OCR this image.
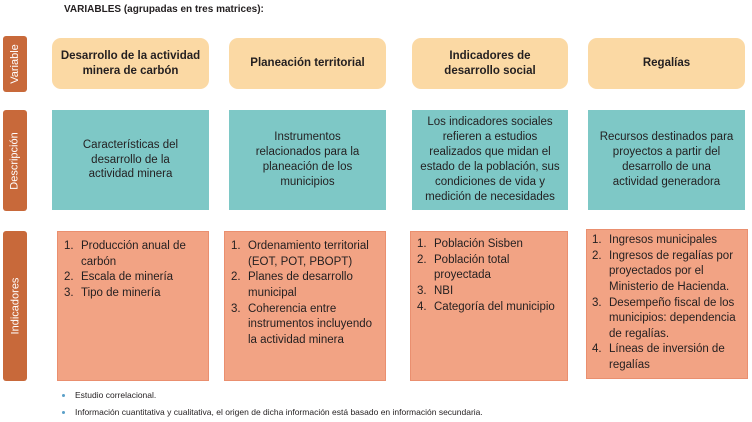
VARIABLES (agrupadas en tres matrices):
Variable
Descripción
Indicadores
Desarrollo de la actividad minera de carbón
Planeación territorial
Indicadores de desarrollo social
Regalías
Características del desarrollo de la actividad minera
Instrumentos relacionados para la planeación de los municipios
Los indicadores sociales refieren a estudios realizados que midan el estado de la población, sus condiciones de vida y medición de necesidades
Recursos destinados para proyectos a partir del desarrollo de una actividad generadora
1. Producción anual de carbón
2. Escala de minería
3. Tipo de minería
1. Ordenamiento territorial (EOT, POT, PBOPT)
2. Planes de desarrollo municipal
3. Coherencia entre instrumentos incluyendo la actividad minera
1. Población Sisben
2. Población total proyectada
3. NBI
4. Categoría del municipio
1. Ingresos municipales
2. Ingresos de regalías por proyectados por el Ministerio de Hacienda.
3. Desempeño fiscal de los municipios: dependencia de regalías.
4. Líneas de inversión de regalías
Estudio correlacional.
Información cuantitativa y cualitativa, el origen de dicha información está basado en información secundaria.
